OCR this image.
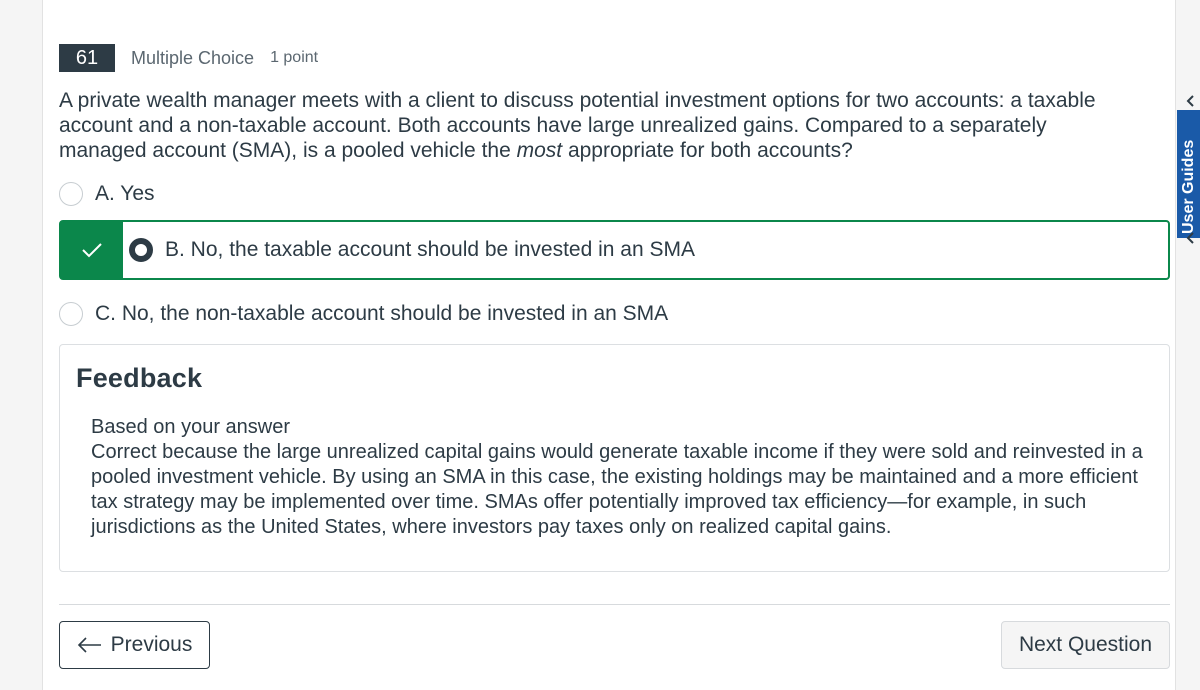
61	Multiple Choice 1 point
A private wealth manager meets with a client to discuss potential investment options for two accounts: a taxable account and a non-taxable account. Both accounts have large unrealized gains. Compared to a separately managed account (SMA), is a pooled vehicle the most appropriate for both accounts?
A. Yes
B. No, the taxable account should be invested in an SMA
C. No, the non-taxable account should be invested in an SMA
Feedback
Based on your answer
Correct because the large unrealized capital gains would generate taxable income if they were sold and reinvested in a pooled investment vehicle. By using an SMA in this case, the existing holdings may be maintained and a more efficient tax strategy may be implemented over time. SMAs offer potentially improved tax efficiency—for example, in such jurisdictions as the United States, where investors pay taxes only on realized capital gains.
Previous	Next Question
User Guides
